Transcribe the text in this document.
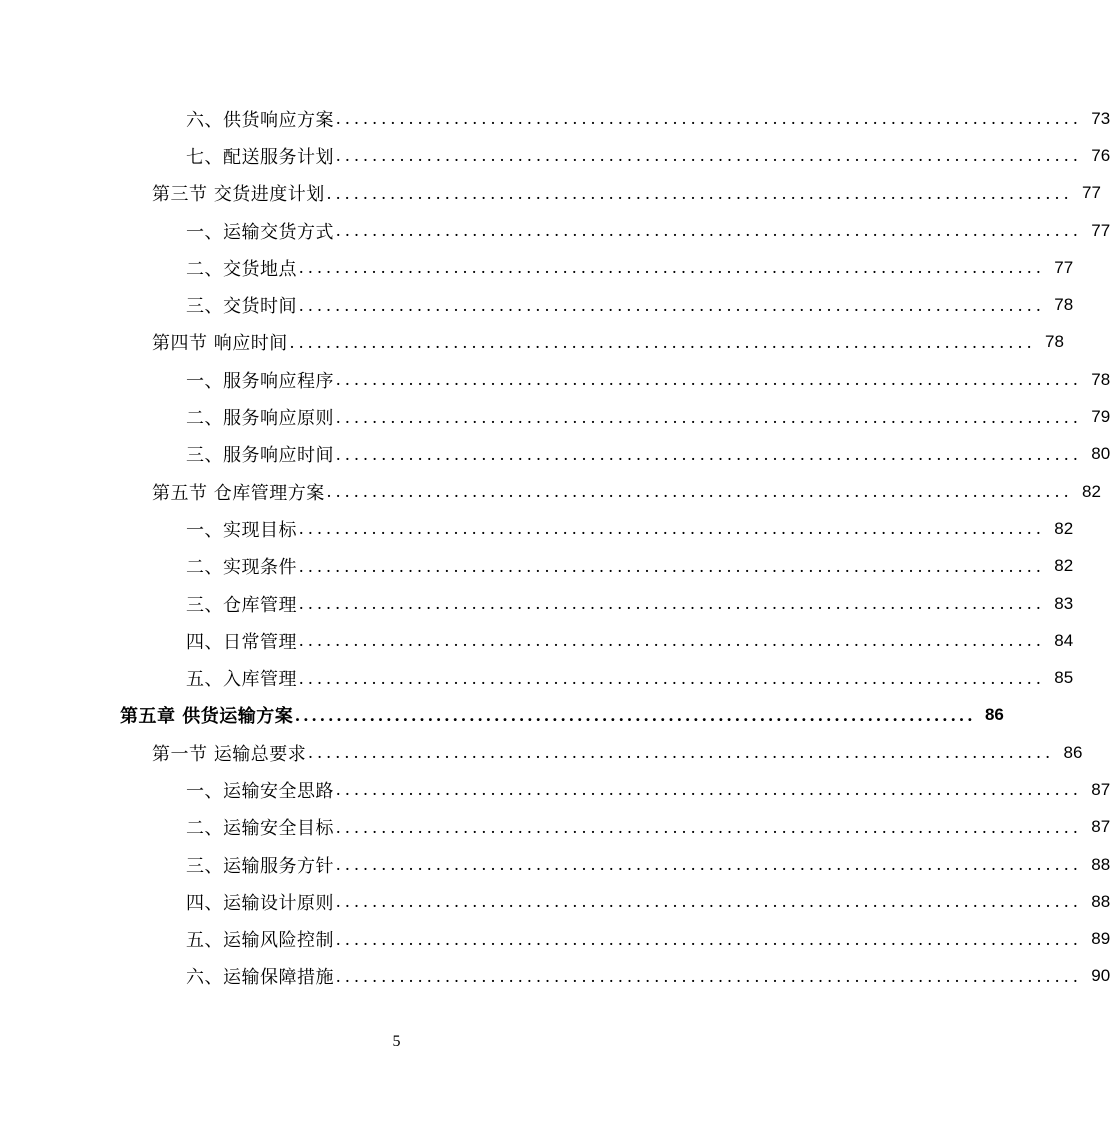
六、供货响应方案 .................................................................................. 73
七、配送服务计划 .................................................................................. 76
第三节 交货进度计划 .................................................................................. 77
一、运输交货方式 .................................................................................. 77
二、交货地点 .................................................................................. 77
三、交货时间 .................................................................................. 78
第四节 响应时间 .................................................................................. 78
一、服务响应程序 .................................................................................. 78
二、服务响应原则 .................................................................................. 79
三、服务响应时间 .................................................................................. 80
第五节 仓库管理方案 .................................................................................. 82
一、实现目标 .................................................................................. 82
二、实现条件 .................................................................................. 82
三、仓库管理 .................................................................................. 83
四、日常管理 .................................................................................. 84
五、入库管理 .................................................................................. 85
第五章 供货运输方案 .................................................................................. 86
第一节 运输总要求 .................................................................................. 86
一、运输安全思路 .................................................................................. 87
二、运输安全目标 .................................................................................. 87
三、运输服务方针 .................................................................................. 88
四、运输设计原则 .................................................................................. 88
五、运输风险控制 .................................................................................. 89
六、运输保障措施 .................................................................................. 90
5
